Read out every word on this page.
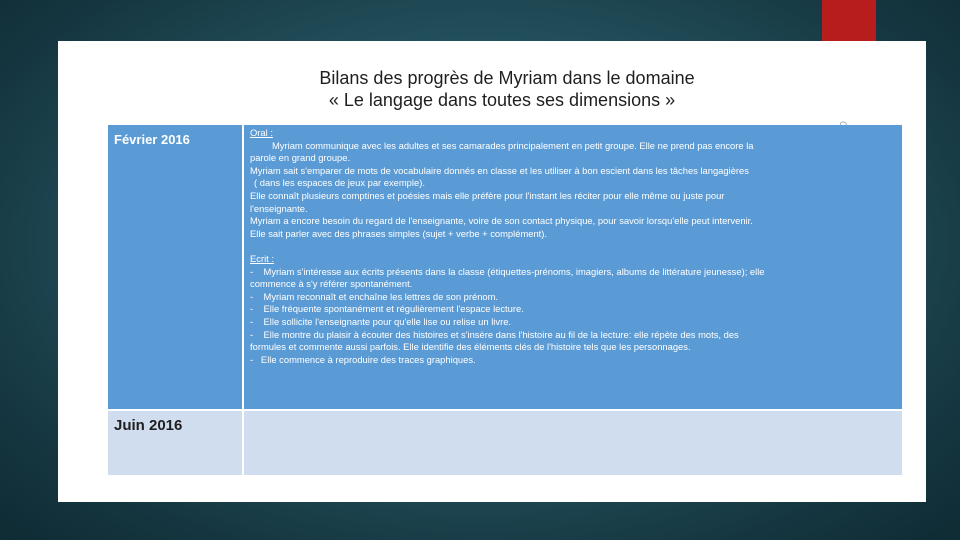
Bilans des progrès de Myriam dans le domaine
« Le langage dans toutes ses dimensions »
Février 2016	Oral :

Myriam communique avec les adultes et ses camarades principalement en petit groupe. Elle ne prend pas encore la

parole en grand groupe.

Myriam sait s'emparer de mots de vocabulaire donnés en classe et les utiliser à bon escient dans les tâches langagières

( dans les espaces de jeux par exemple).

Elle connaît plusieurs comptines et poésies mais elle préfère pour l'instant les réciter pour elle même ou juste pour

l'enseignante.

Myriam a encore besoin du regard de l'enseignante, voire de son contact physique, pour savoir lorsqu'elle peut intervenir.

Elle sait parler avec des phrases simples (sujet + verbe + complément).

Ecrit :

-    Myriam s'intéresse aux écrits présents dans la classe (étiquettes-prénoms, imagiers, albums de littérature jeunesse); elle

commence à s'y référer spontanément.

-    Myriam reconnaît et enchaîne les lettres de son prénom.

-    Elle fréquente spontanément et régulièrement l'espace lecture.

-    Elle sollicite l'enseignante pour qu'elle lise ou relise un livre.

-    Elle montre du plaisir à écouter des histoires et s'insère dans l'histoire au fil de la lecture: elle répète des mots, des

formules et commente aussi parfois. Elle identifie des éléments clés de l'histoire tels que les personnages.

-   Elle commence à reproduire des traces graphiques.

Juin 2016
